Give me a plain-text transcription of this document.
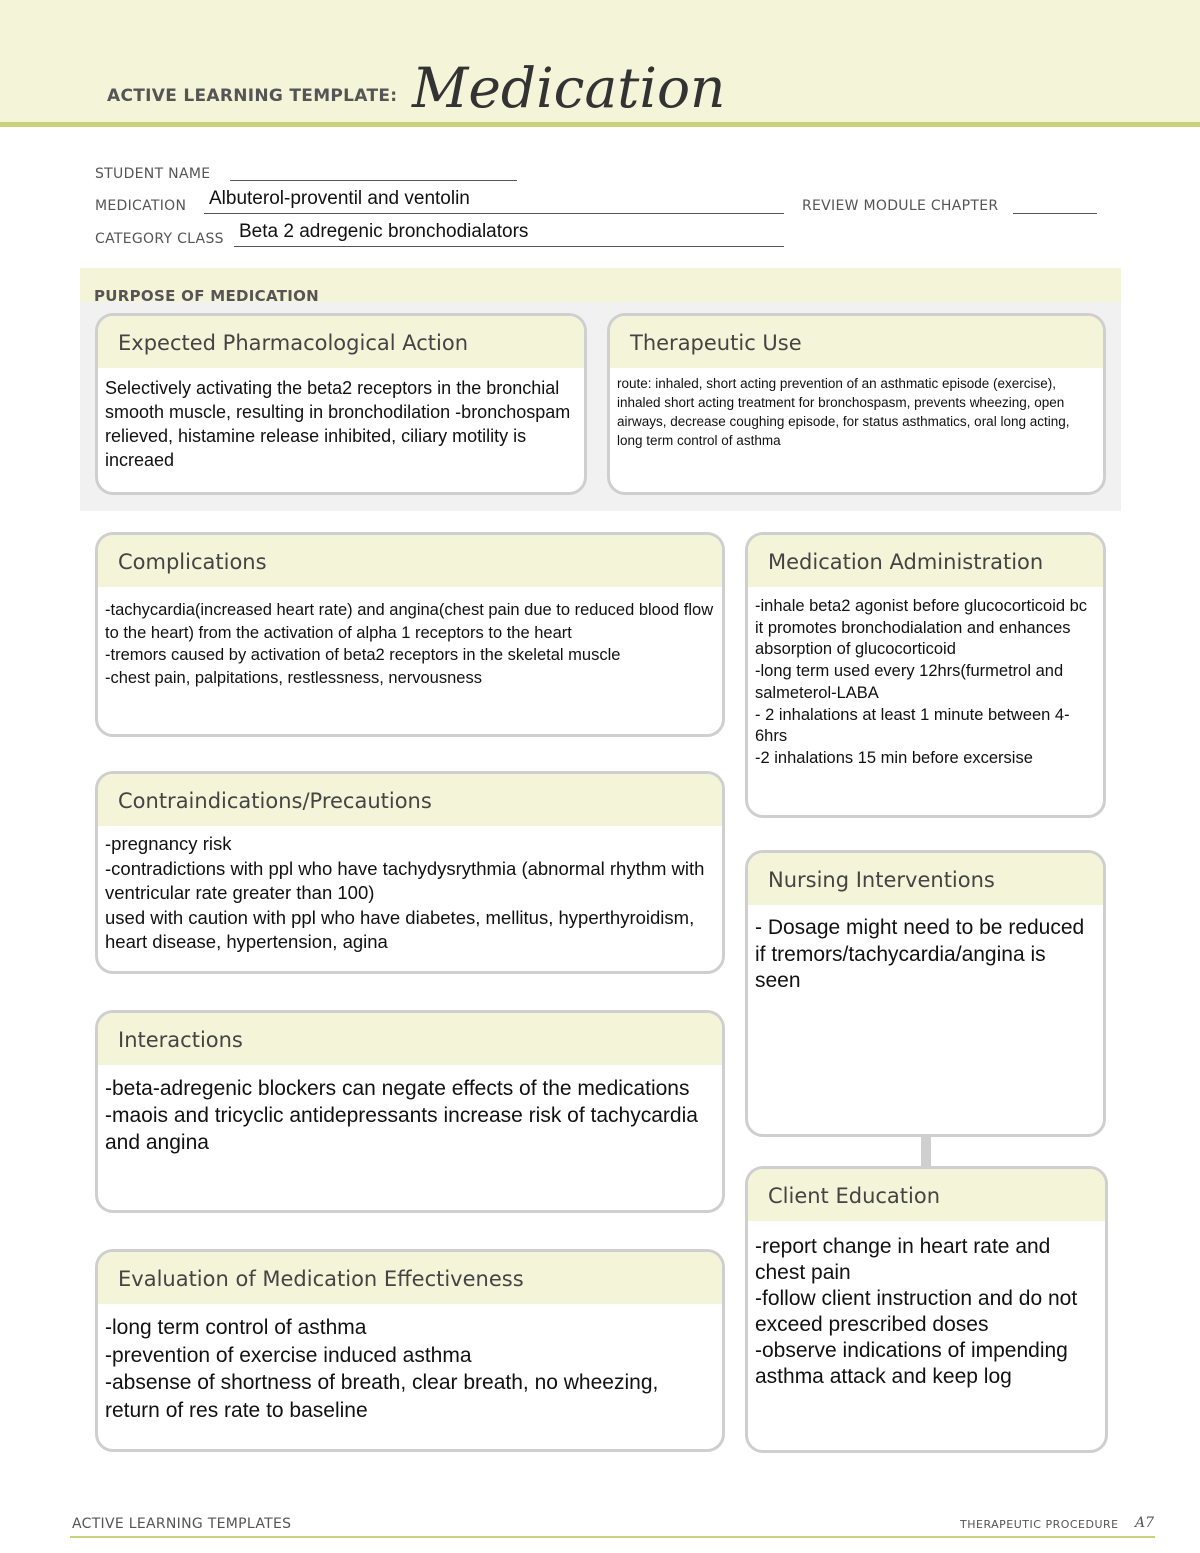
ACTIVE LEARNING TEMPLATE: Medication
STUDENT NAME
MEDICATION Albuterol-proventil and ventolin	REVIEW MODULE CHAPTER
CATEGORY CLASS Beta 2 adregenic bronchodialators
PURPOSE OF MEDICATION
Expected Pharmacological Action
Selectively activating the beta2 receptors in the bronchial smooth muscle, resulting in bronchodilation -bronchospam relieved, histamine release inhibited, ciliary motility is increaed
Therapeutic Use
route: inhaled, short acting prevention of an asthmatic episode (exercise), inhaled short acting treatment for bronchospasm, prevents wheezing, open airways, decrease coughing episode, for status asthmatics, oral long acting, long term control of asthma
Complications
-tachycardia(increased heart rate) and angina(chest pain due to reduced blood flow to the heart) from the activation of alpha 1 receptors to the heart
-tremors caused by activation of beta2 receptors in the skeletal muscle
-chest pain, palpitations, restlessness, nervousness
Contraindications/Precautions
-pregnancy risk
-contradictions with ppl who have tachydysrythmia (abnormal rhythm with ventricular rate greater than 100)
used with caution with ppl who have diabetes, mellitus, hyperthyroidism, heart disease, hypertension, agina
Interactions
-beta-adregenic blockers can negate effects of the medications
-maois and tricyclic antidepressants increase risk of tachycardia and angina
Evaluation of Medication Effectiveness
-long term control of asthma
-prevention of exercise induced asthma
-absense of shortness of breath, clear breath, no wheezing, return of res rate to baseline
Medication Administration
-inhale beta2 agonist before glucocorticoid bc it promotes bronchodialation and enhances absorption of glucocorticoid
-long term used every 12hrs(furmetrol and salmeterol-LABA
- 2 inhalations at least 1 minute between 4-6hrs
-2 inhalations 15 min before excersise
Nursing Interventions
- Dosage might need to be reduced if tremors/tachycardia/angina is seen
Client Education
-report change in heart rate and chest pain
-follow client instruction and do not exceed prescribed doses
-observe indications of impending asthma attack and keep log
ACTIVE LEARNING TEMPLATES	THERAPEUTIC PROCEDURE A7
